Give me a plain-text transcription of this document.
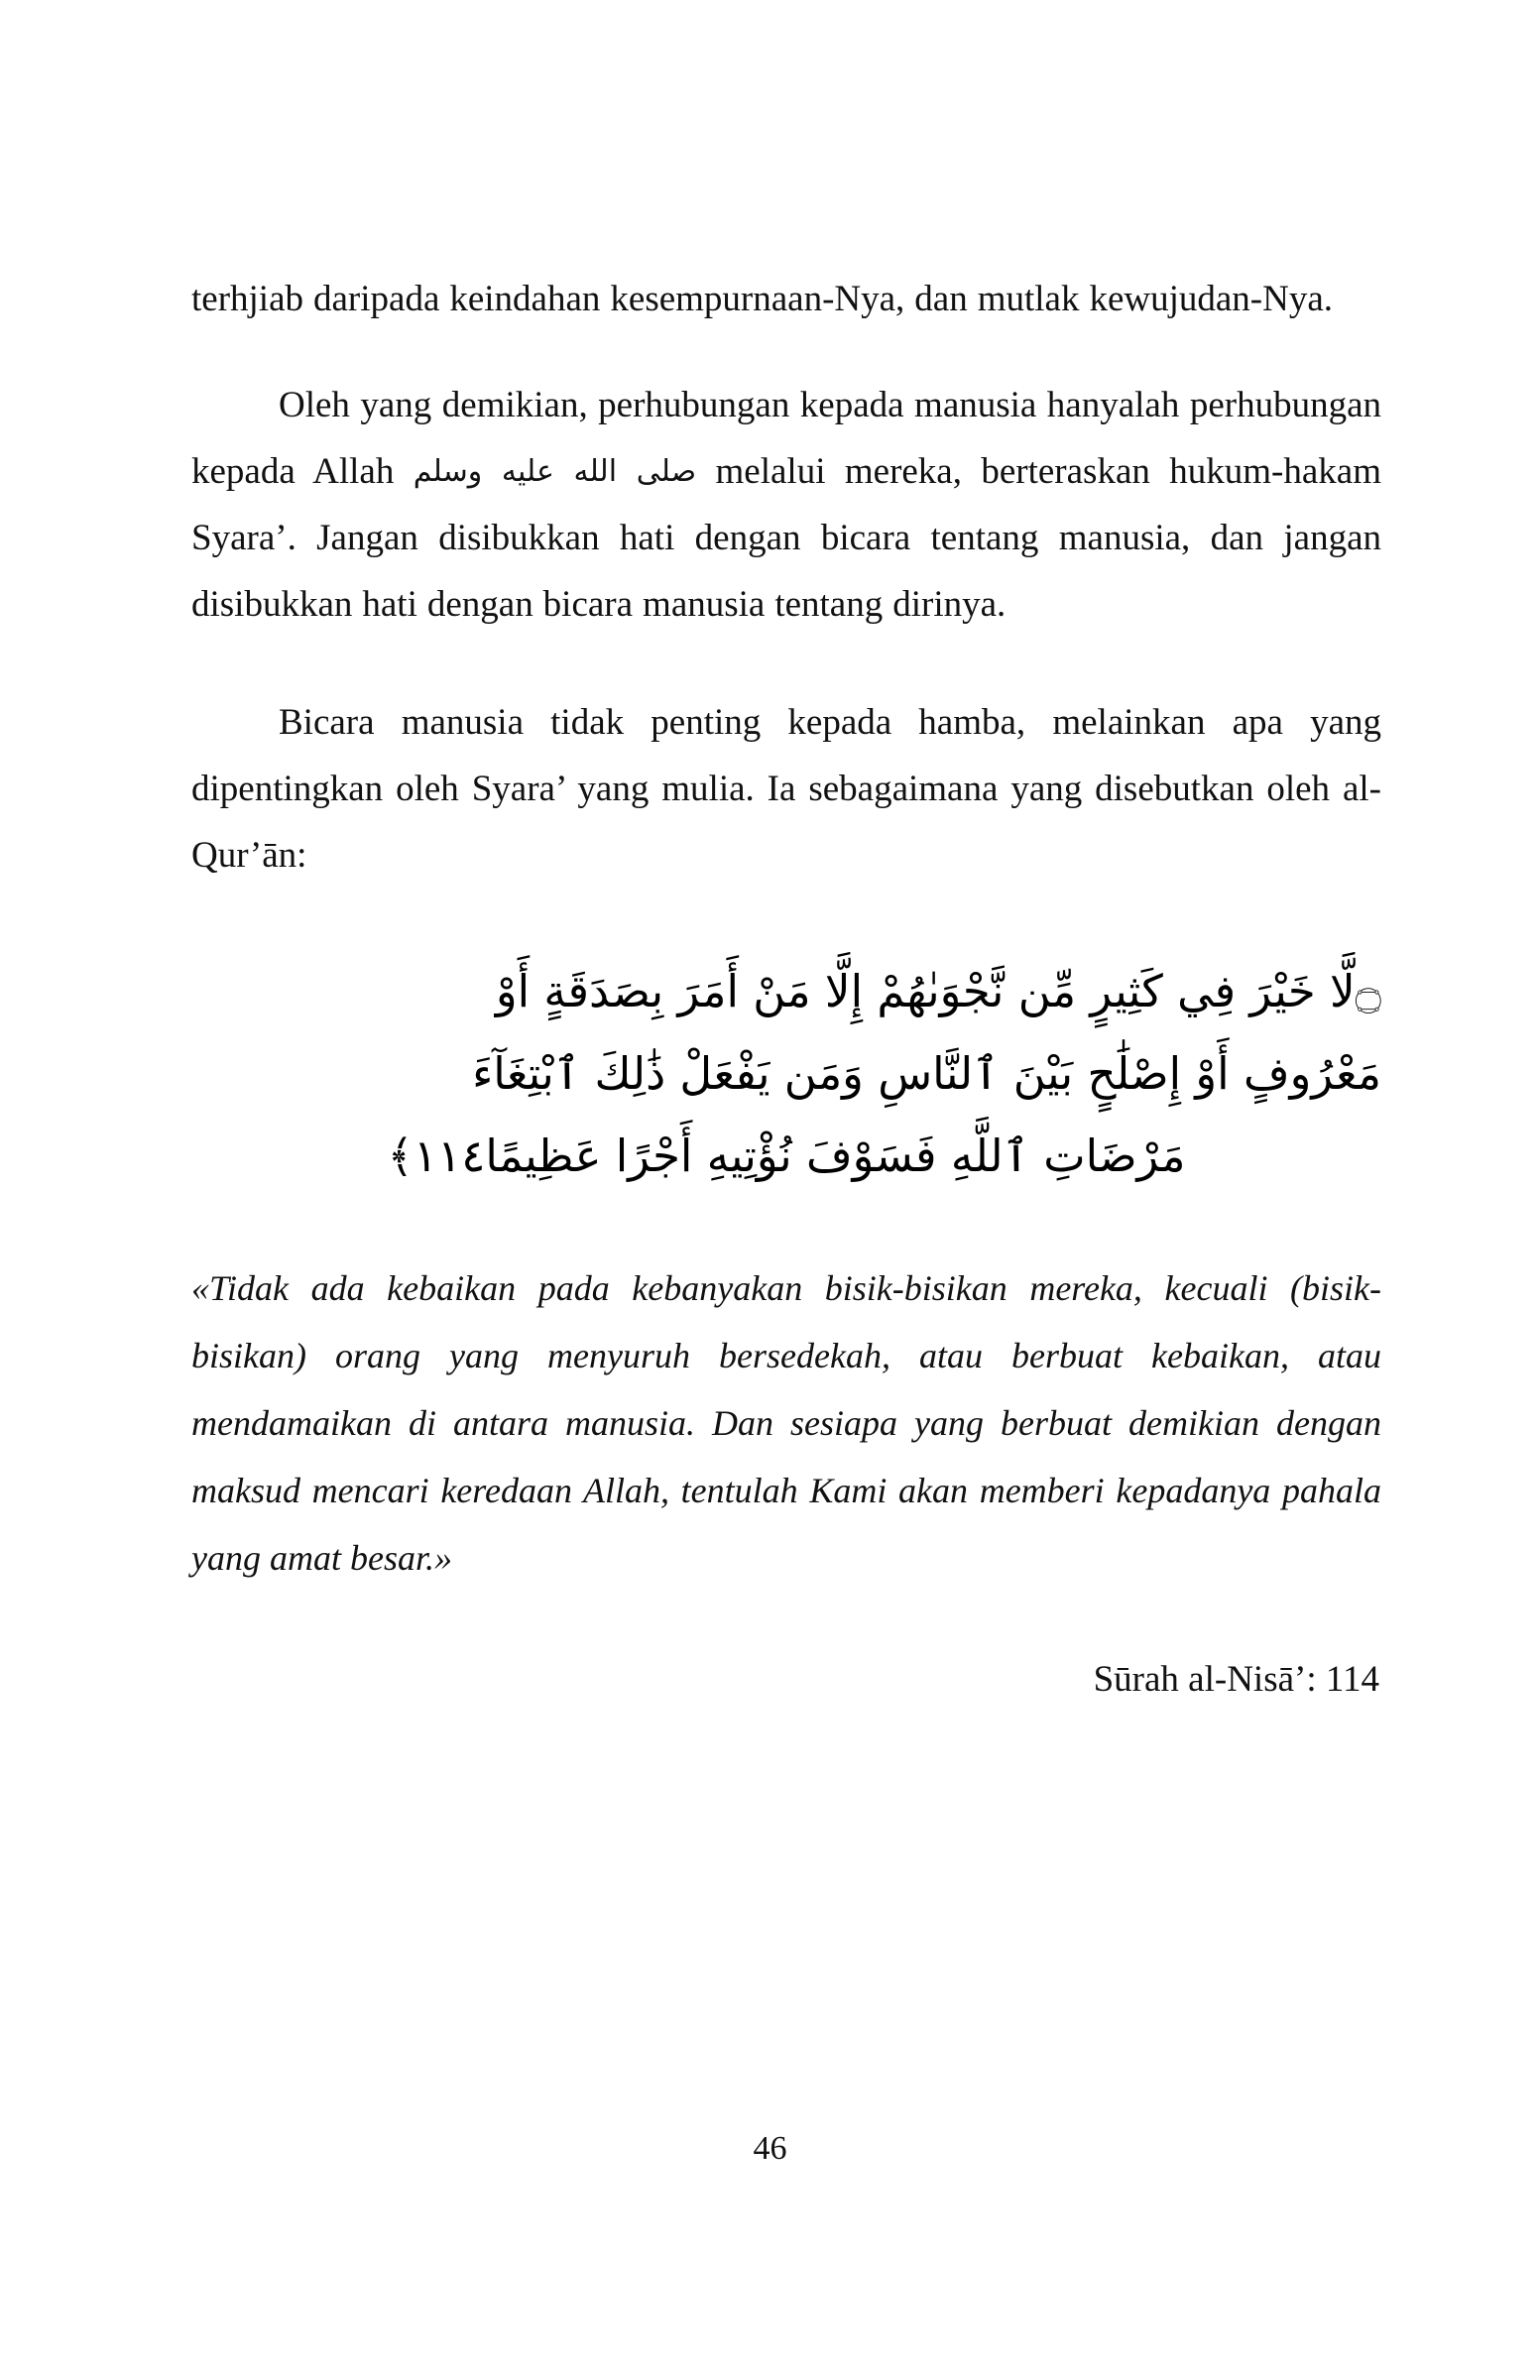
terhjiab daripada keindahan kesempurnaan-Nya, dan mutlak kewujudan-Nya.

Oleh yang demikian, perhubungan kepada manusia hanyalah perhubungan kepada Allah صلى الله عليه وسلم melalui mereka, berteraskan hukum-hakam Syara’. Jangan disibukkan hati dengan bicara tentang manusia, dan jangan disibukkan hati dengan bicara manusia tentang dirinya.

Bicara manusia tidak penting kepada hamba, melainkan apa yang dipentingkan oleh Syara’ yang mulia. Ia sebagaimana yang disebutkan oleh al-Qur’ān:

۝لَّا خَيْرَ فِي كَثِيرٍ مِّن نَّجْوَىٰهُمْ إِلَّا مَنْ أَمَرَ بِصَدَقَةٍ أَوْ
مَعْرُوفٍ أَوْ إِصْلَٰحٍ بَيْنَ ٱلنَّاسِ وَمَن يَفْعَلْ ذَٰلِكَ ٱبْتِغَآءَ
مَرْضَاتِ ٱللَّهِ فَسَوْفَ نُؤْتِيهِ أَجْرًا عَظِيمًا١١٤﴾

«Tidak ada kebaikan pada kebanyakan bisik-bisikan mereka, kecuali (bisik-bisikan) orang yang menyuruh bersedekah, atau berbuat kebaikan, atau mendamaikan di antara manusia. Dan sesiapa yang berbuat demikian dengan maksud mencari keredaan Allah, tentulah Kami akan memberi kepadanya pahala yang amat besar.»

Sūrah al-Nisā’: 114
46
